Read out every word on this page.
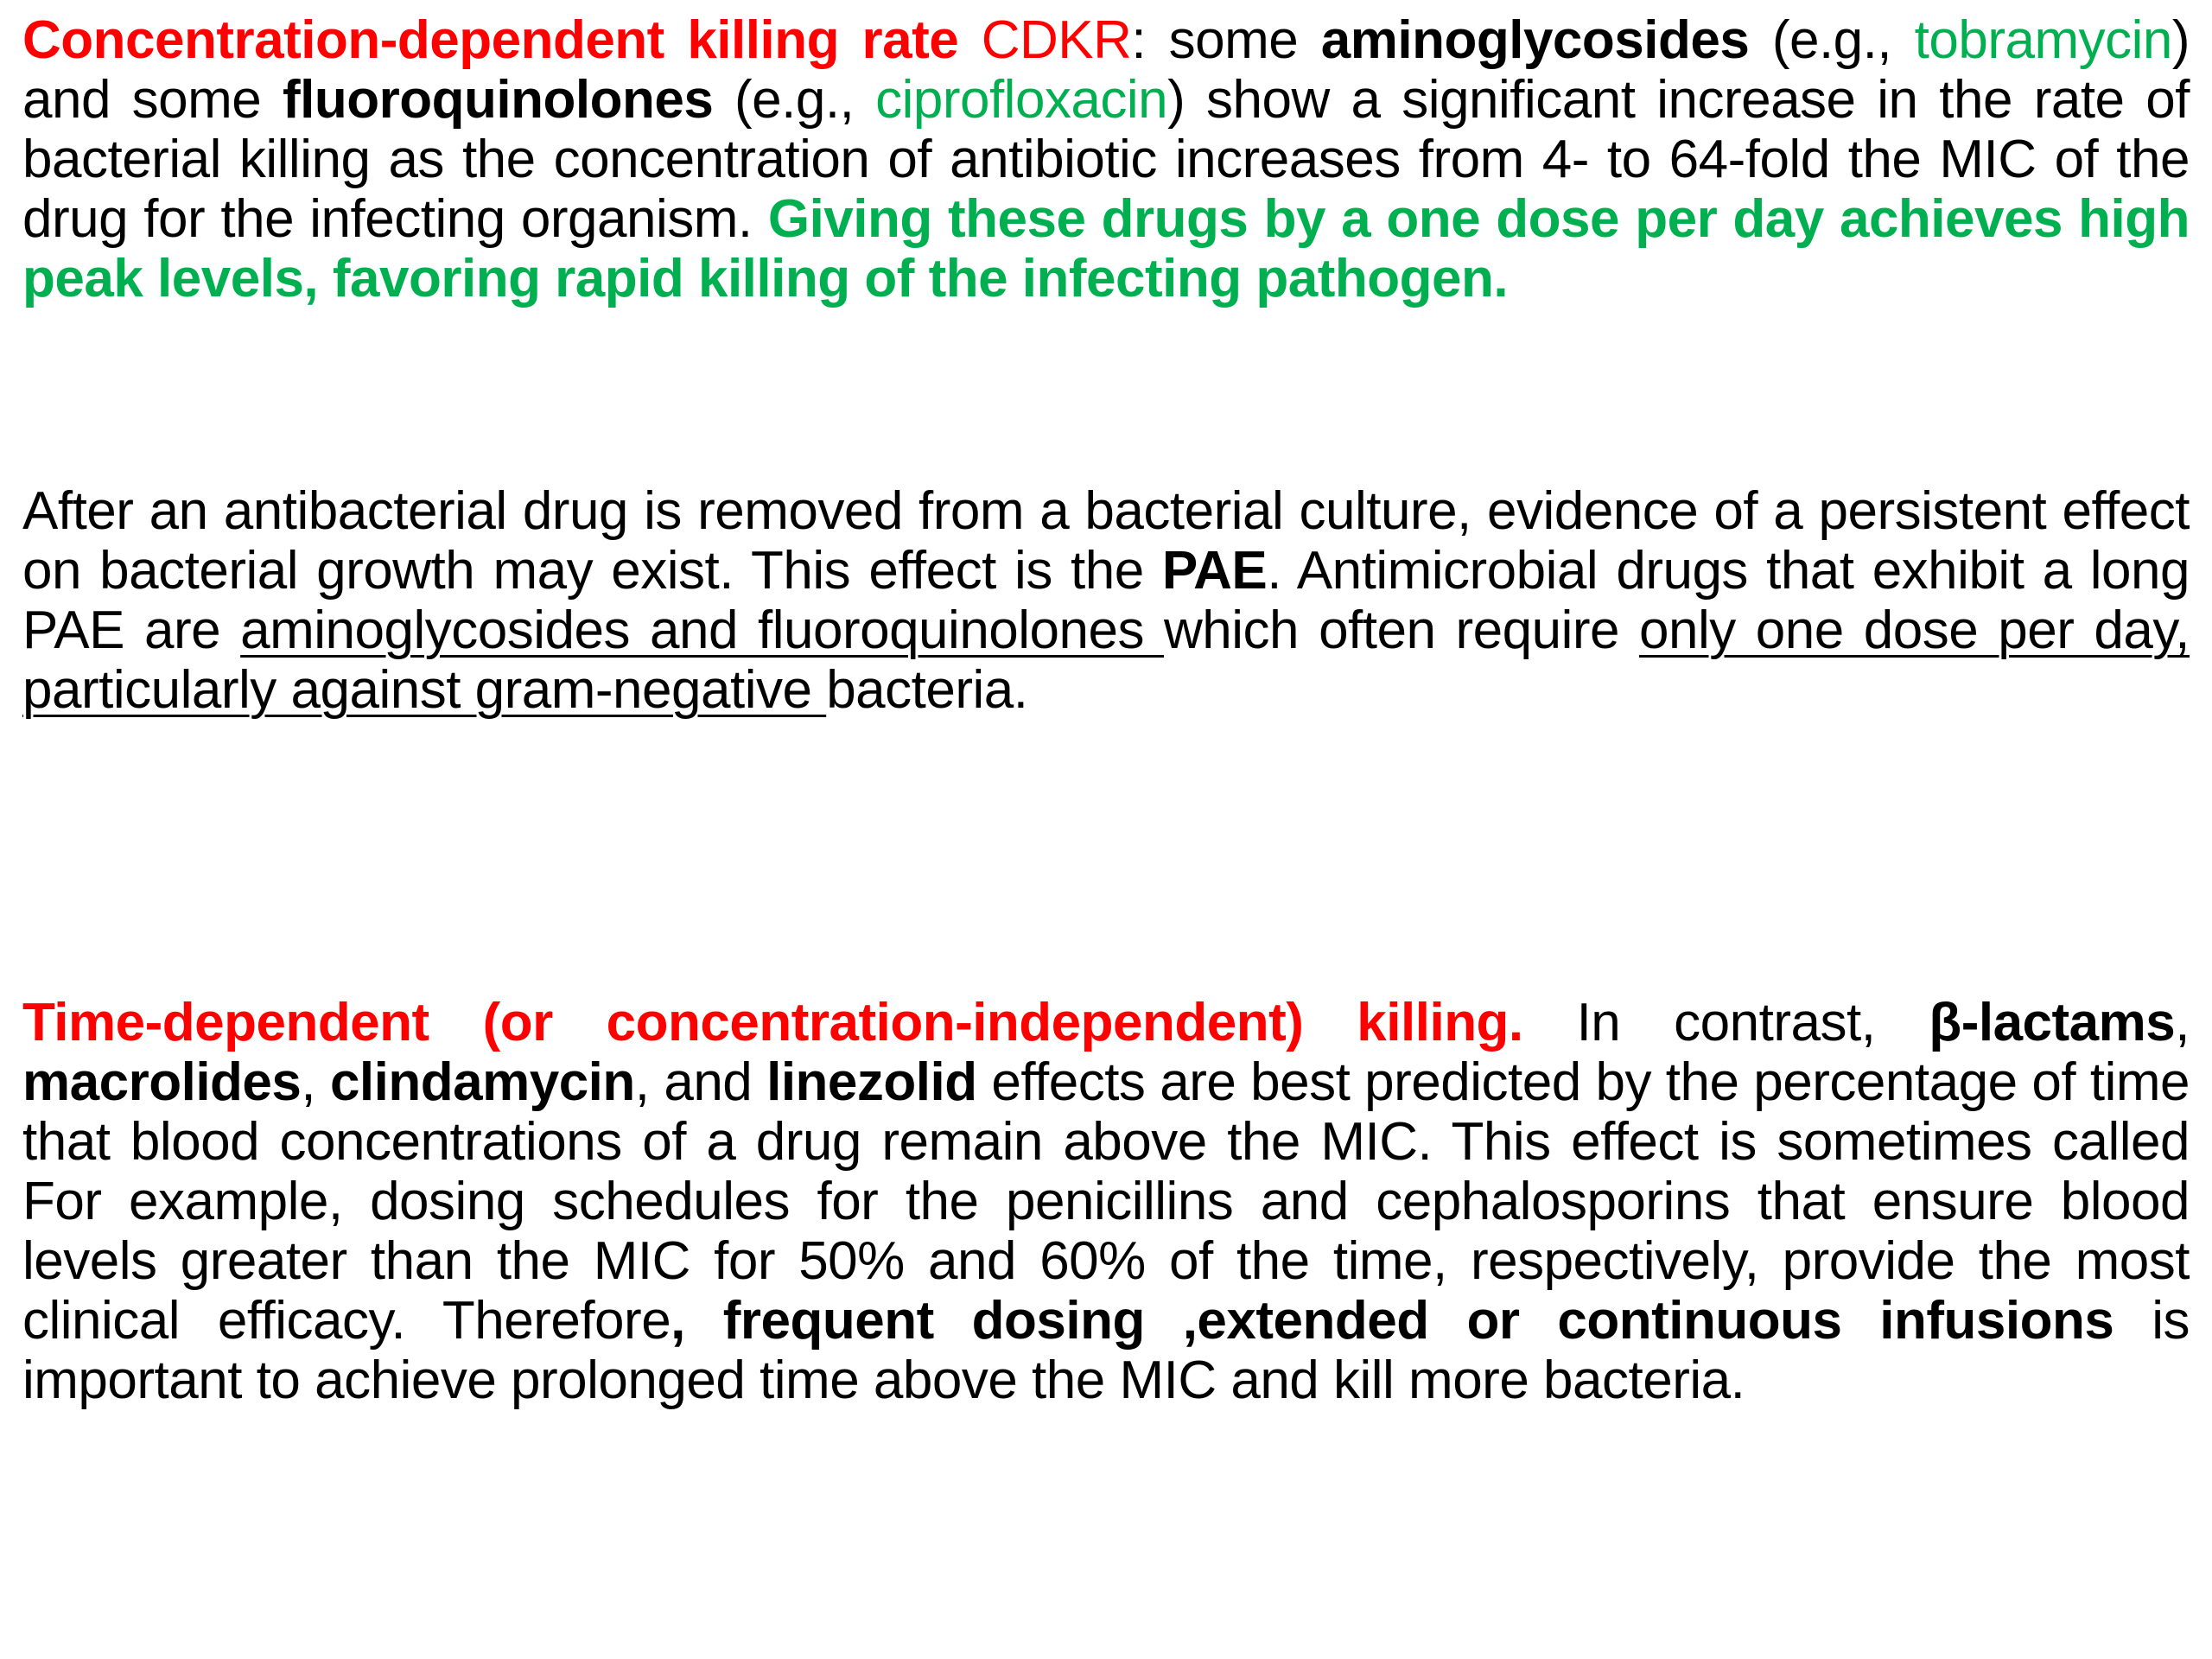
Concentration-dependent killing rate CDKR: some aminoglycosides (e.g., tobramycin) and some fluoroquinolones (e.g., ciprofloxacin) show a significant increase in the rate of bacterial killing as the concentration of antibiotic increases from 4- to 64-fold the MIC of the drug for the infecting organism. Giving these drugs by a one dose per day achieves high peak levels, favoring rapid killing of the infecting pathogen.

After an antibacterial drug is removed from a bacterial culture, evidence of a persistent effect on bacterial growth may exist. This effect is the PAE. Antimicrobial drugs that exhibit a long PAE are aminoglycosides and fluoroquinolones which often require only one dose per day, particularly against gram-negative bacteria.

Time-dependent (or concentration-independent) killing. In contrast, β-lactams, macrolides, clindamycin, and linezolid effects are best predicted by the percentage of time that blood concentrations of a drug remain above the MIC. This effect is sometimes called For example, dosing schedules for the penicillins and cephalosporins that ensure blood levels greater than the MIC for 50% and 60% of the time, respectively, provide the most clinical efficacy. Therefore, frequent dosing ,extended or continuous infusions is important to achieve prolonged time above the MIC and kill more bacteria.
